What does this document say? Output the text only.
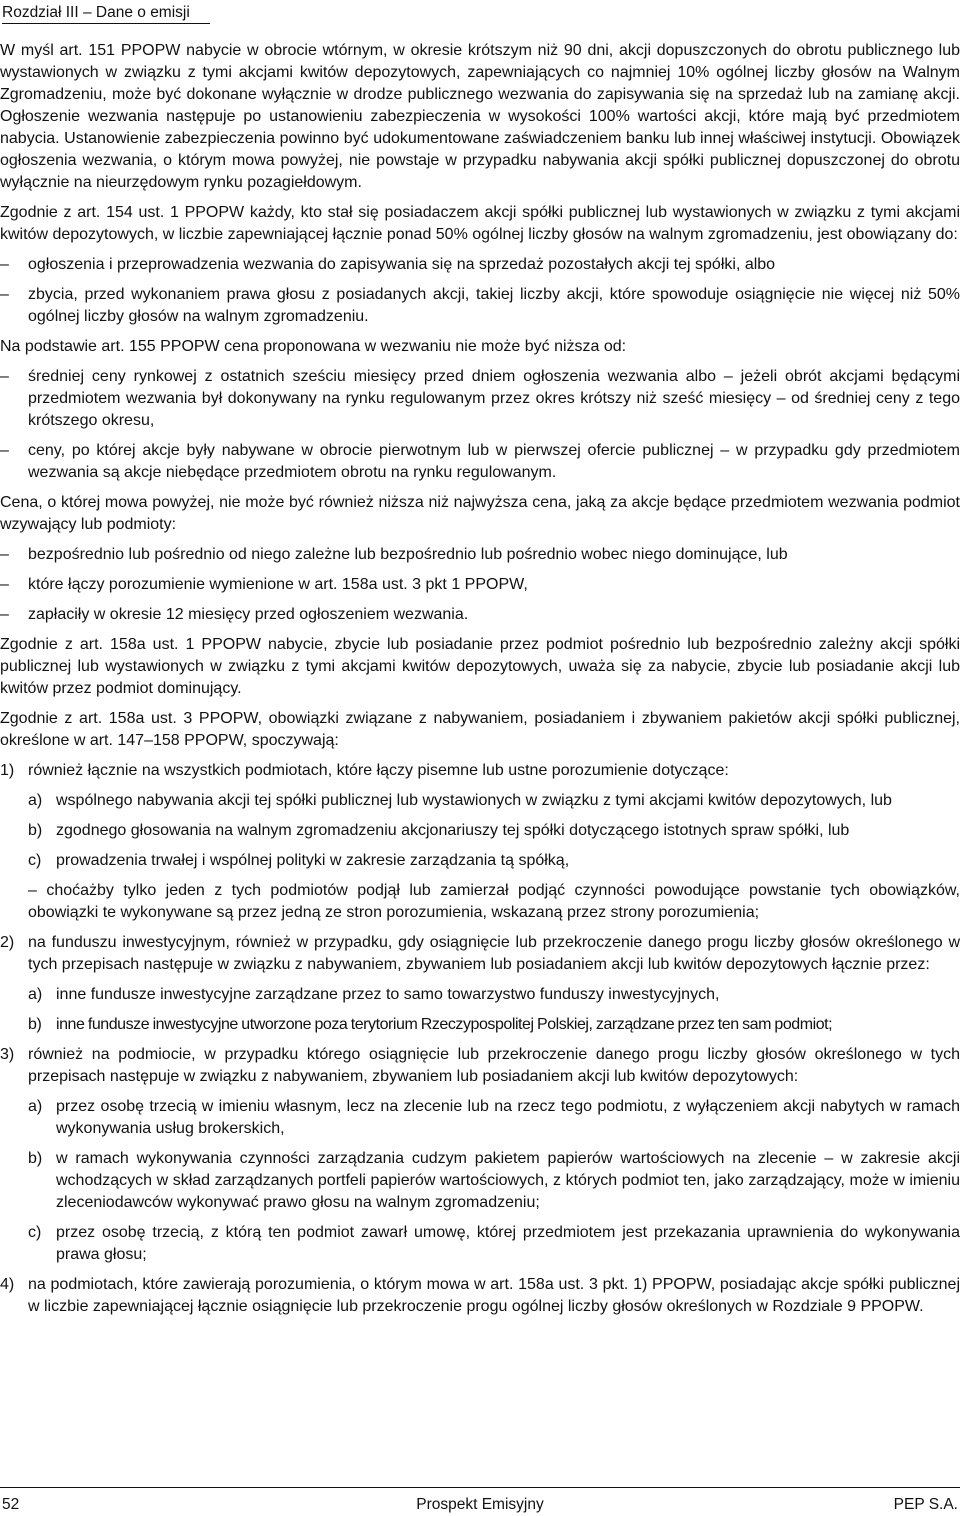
Rozdział III – Dane o emisji

W myśl art. 151 PPOPW nabycie w obrocie wtórnym, w okresie krótszym niż 90 dni, akcji dopuszczonych do obrotu publicznego lub wystawionych w związku z tymi akcjami kwitów depozytowych, zapewniających co najmniej 10% ogólnej liczby głosów na Walnym Zgromadzeniu, może być dokonane wyłącznie w drodze publicznego wezwania do zapisywania się na sprzedaż lub na zamianę akcji. Ogłoszenie wezwania następuje po ustanowieniu zabezpieczenia w wysokości 100% wartości akcji, które mają być przedmiotem nabycia. Ustanowienie zabezpieczenia powinno być udokumentowane zaświadczeniem banku lub innej właściwej instytucji. Obowiązek ogłoszenia wezwania, o którym mowa powyżej, nie powstaje w przypadku nabywania akcji spółki publicznej dopuszczonej do obrotu wyłącznie na nieurzędowym rynku pozagiełdowym.

Zgodnie z art. 154 ust. 1 PPOPW każdy, kto stał się posiadaczem akcji spółki publicznej lub wystawionych w związku z tymi akcjami kwitów depozytowych, w liczbie zapewniającej łącznie ponad 50% ogólnej liczby głosów na walnym zgromadzeniu, jest obowiązany do:

– ogłoszenia i przeprowadzenia wezwania do zapisywania się na sprzedaż pozostałych akcji tej spółki, albo
– zbycia, przed wykonaniem prawa głosu z posiadanych akcji, takiej liczby akcji, które spowoduje osiągnięcie nie więcej niż 50% ogólnej liczby głosów na walnym zgromadzeniu.

Na podstawie art. 155 PPOPW cena proponowana w wezwaniu nie może być niższa od:

– średniej ceny rynkowej z ostatnich sześciu miesięcy przed dniem ogłoszenia wezwania albo – jeżeli obrót akcjami będącymi przedmiotem wezwania był dokonywany na rynku regulowanym przez okres krótszy niż sześć miesięcy – od średniej ceny z tego krótszego okresu,
– ceny, po której akcje były nabywane w obrocie pierwotnym lub w pierwszej ofercie publicznej – w przypadku gdy przedmiotem wezwania są akcje niebędące przedmiotem obrotu na rynku regulowanym.

Cena, o której mowa powyżej, nie może być również niższa niż najwyższa cena, jaką za akcje będące przedmiotem wezwania podmiot wzywający lub podmioty:

– bezpośrednio lub pośrednio od niego zależne lub bezpośrednio lub pośrednio wobec niego dominujące, lub
– które łączy porozumienie wymienione w art. 158a ust. 3 pkt 1 PPOPW,
– zapłaciły w okresie 12 miesięcy przed ogłoszeniem wezwania.

Zgodnie z art. 158a ust. 1 PPOPW nabycie, zbycie lub posiadanie przez podmiot pośrednio lub bezpośrednio zależny akcji spółki publicznej lub wystawionych w związku z tymi akcjami kwitów depozytowych, uważa się za nabycie, zbycie lub posiadanie akcji lub kwitów przez podmiot dominujący.

Zgodnie z art. 158a ust. 3 PPOPW, obowiązki związane z nabywaniem, posiadaniem i zbywaniem pakietów akcji spółki publicznej, określone w art. 147–158 PPOPW, spoczywają:

1) również łącznie na wszystkich podmiotach, które łączy pisemne lub ustne porozumienie dotyczące:
a) wspólnego nabywania akcji tej spółki publicznej lub wystawionych w związku z tymi akcjami kwitów depozytowych, lub
b) zgodnego głosowania na walnym zgromadzeniu akcjonariuszy tej spółki dotyczącego istotnych spraw spółki, lub
c) prowadzenia trwałej i wspólnej polityki w zakresie zarządzania tą spółką,
– choćażby tylko jeden z tych podmiotów podjął lub zamierzał podjąć czynności powodujące powstanie tych obowiązków, obowiązki te wykonywane są przez jedną ze stron porozumienia, wskazaną przez strony porozumienia;
2) na funduszu inwestycyjnym, również w przypadku, gdy osiągnięcie lub przekroczenie danego progu liczby głosów określonego w tych przepisach następuje w związku z nabywaniem, zbywaniem lub posiadaniem akcji lub kwitów depozytowych łącznie przez:
a) inne fundusze inwestycyjne zarządzane przez to samo towarzystwo funduszy inwestycyjnych,
b) inne fundusze inwestycyjne utworzone poza terytorium Rzeczypospolitej Polskiej, zarządzane przez ten sam podmiot;
3) również na podmiocie, w przypadku którego osiągnięcie lub przekroczenie danego progu liczby głosów określonego w tych przepisach następuje w związku z nabywaniem, zbywaniem lub posiadaniem akcji lub kwitów depozytowych:
a) przez osobę trzecią w imieniu własnym, lecz na zlecenie lub na rzecz tego podmiotu, z wyłączeniem akcji nabytych w ramach wykonywania usług brokerskich,
b) w ramach wykonywania czynności zarządzania cudzym pakietem papierów wartościowych na zlecenie – w zakresie akcji wchodzących w skład zarządzanych portfeli papierów wartościowych, z których podmiot ten, jako zarządzający, może w imieniu zleceniodawców wykonywać prawo głosu na walnym zgromadzeniu;
c) przez osobę trzecią, z którą ten podmiot zawarł umowę, której przedmiotem jest przekazania uprawnienia do wykonywania prawa głosu;
4) na podmiotach, które zawierają porozumienia, o którym mowa w art. 158a ust. 3 pkt. 1) PPOPW, posiadając akcje spółki publicznej w liczbie zapewniającej łącznie osiągnięcie lub przekroczenie progu ogólnej liczby głosów określonych w Rozdziale 9 PPOPW.
52	Prospekt Emisyjny	PEP S.A.
